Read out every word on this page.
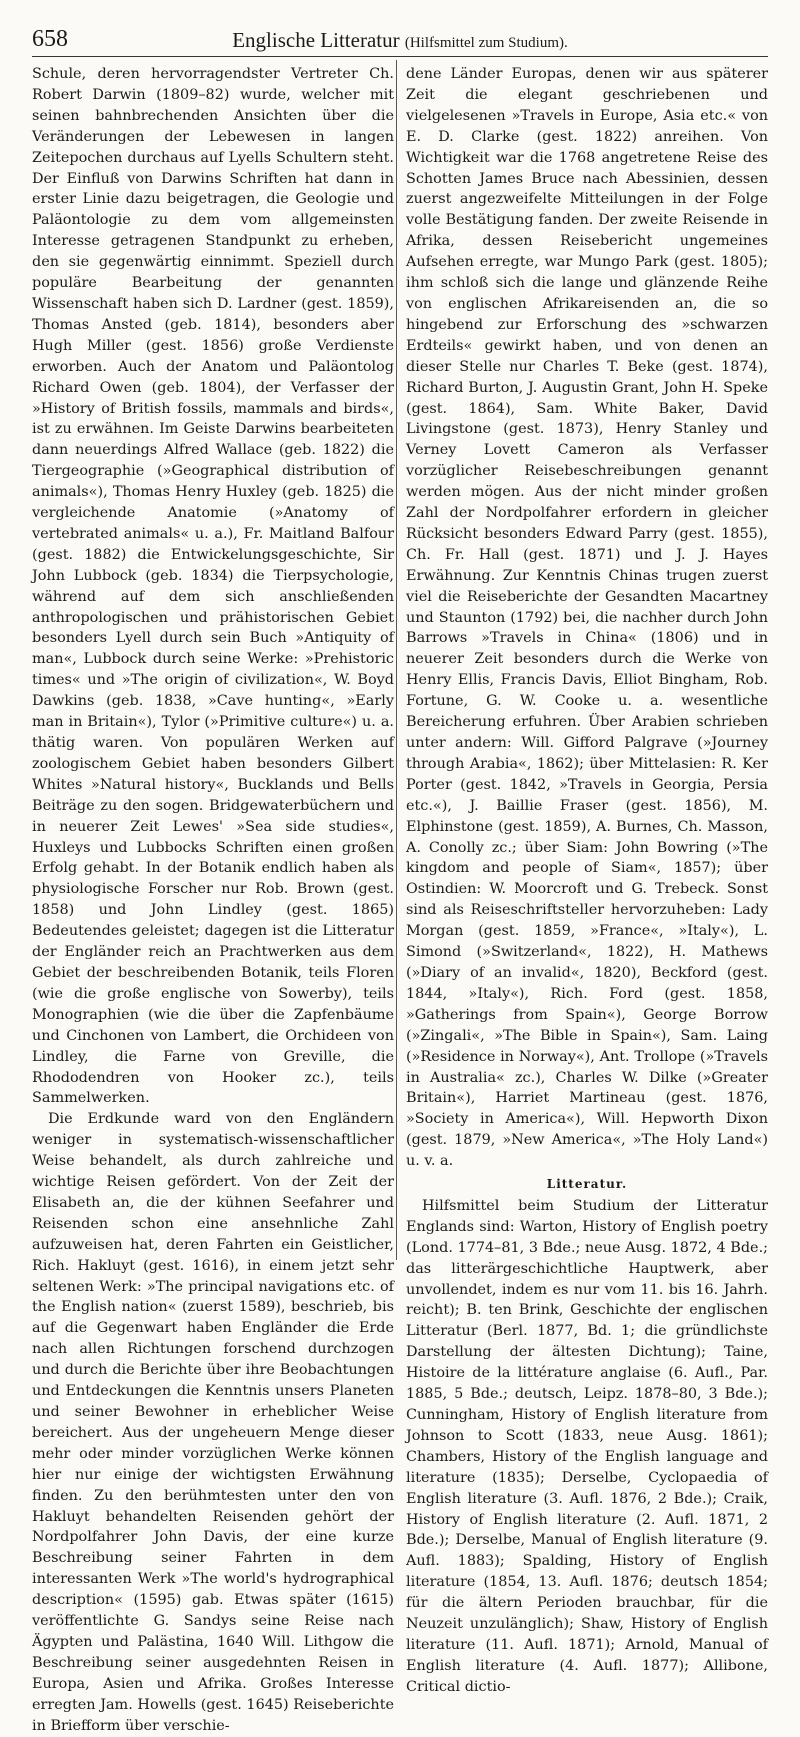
658	Englische Litteratur (Hilfsmittel zum Studium).

Schule, deren hervorragendster Vertreter Ch. Robert Darwin (1809–82) wurde, welcher mit seinen bahnbrechenden Ansichten über die Veränderungen der Lebewesen in langen Zeitepochen durchaus auf Lyells Schultern steht. Der Einfluß von Darwins Schriften hat dann in erster Linie dazu beigetragen, die Geologie und Paläontologie zu dem vom allgemeinsten Interesse getragenen Standpunkt zu erheben, den sie gegenwärtig einnimmt. Speziell durch populäre Bearbeitung der genannten Wissenschaft haben sich D. Lardner (gest. 1859), Thomas Ansted (geb. 1814), besonders aber Hugh Miller (gest. 1856) große Verdienste erworben. Auch der Anatom und Paläontolog Richard Owen (geb. 1804), der Verfasser der »History of British fossils, mammals and birds«, ist zu erwähnen. Im Geiste Darwins bearbeiteten dann neuerdings Alfred Wallace (geb. 1822) die Tiergeographie (»Geographical distribution of animals«), Thomas Henry Huxley (geb. 1825) die vergleichende Anatomie (»Anatomy of vertebrated animals« u. a.), Fr. Maitland Balfour (gest. 1882) die Entwickelungsgeschichte, Sir John Lubbock (geb. 1834) die Tierpsychologie, während auf dem sich anschließenden anthropologischen und prähistorischen Gebiet besonders Lyell durch sein Buch »Antiquity of man«, Lubbock durch seine Werke: »Prehistoric times« und »The origin of civilization«, W. Boyd Dawkins (geb. 1838, »Cave hunting«, »Early man in Britain«), Tylor (»Primitive culture«) u. a. thätig waren. Von populären Werken auf zoologischem Gebiet haben besonders Gilbert Whites »Natural history«, Bucklands und Bells Beiträge zu den sogen. Bridgewaterbüchern und in neuerer Zeit Lewes' »Sea side studies«, Huxleys und Lubbocks Schriften einen großen Erfolg gehabt. In der Botanik endlich haben als physiologische Forscher nur Rob. Brown (gest. 1858) und John Lindley (gest. 1865) Bedeutendes geleistet; dagegen ist die Litteratur der Engländer reich an Prachtwerken aus dem Gebiet der beschreibenden Botanik, teils Floren (wie die große englische von Sowerby), teils Monographien (wie die über die Zapfenbäume und Cinchonen von Lambert, die Orchideen von Lindley, die Farne von Greville, die Rhododendren von Hooker zc.), teils Sammelwerken.

Die Erdkunde ward von den Engländern weniger in systematisch-wissenschaftlicher Weise behandelt, als durch zahlreiche und wichtige Reisen gefördert. Von der Zeit der Elisabeth an, die der kühnen Seefahrer und Reisenden schon eine ansehnliche Zahl aufzuweisen hat, deren Fahrten ein Geistlicher, Rich. Hakluyt (gest. 1616), in einem jetzt sehr seltenen Werk: »The principal navigations etc. of the English nation« (zuerst 1589), beschrieb, bis auf die Gegenwart haben Engländer die Erde nach allen Richtungen forschend durchzogen und durch die Berichte über ihre Beobachtungen und Entdeckungen die Kenntnis unsers Planeten und seiner Bewohner in erheblicher Weise bereichert. Aus der ungeheuern Menge dieser mehr oder minder vorzüglichen Werke können hier nur einige der wichtigsten Erwähnung finden. Zu den berühmtesten unter den von Hakluyt behandelten Reisenden gehört der Nordpolfahrer John Davis, der eine kurze Beschreibung seiner Fahrten in dem interessanten Werk »The world's hydrographical description« (1595) gab. Etwas später (1615) veröffentlichte G. Sandys seine Reise nach Ägypten und Palästina, 1640 Will. Lithgow die Beschreibung seiner ausgedehnten Reisen in Europa, Asien und Afrika. Großes Interesse erregten Jam. Howells (gest. 1645) Reiseberichte in Briefform über verschie-

dene Länder Europas, denen wir aus späterer Zeit die elegant geschriebenen und vielgelesenen »Travels in Europe, Asia etc.« von E. D. Clarke (gest. 1822) anreihen. Von Wichtigkeit war die 1768 angetretene Reise des Schotten James Bruce nach Abessinien, dessen zuerst angezweifelte Mitteilungen in der Folge volle Bestätigung fanden. Der zweite Reisende in Afrika, dessen Reisebericht ungemeines Aufsehen erregte, war Mungo Park (gest. 1805); ihm schloß sich die lange und glänzende Reihe von englischen Afrikareisenden an, die so hingebend zur Erforschung des »schwarzen Erdteils« gewirkt haben, und von denen an dieser Stelle nur Charles T. Beke (gest. 1874), Richard Burton, J. Augustin Grant, John H. Speke (gest. 1864), Sam. White Baker, David Livingstone (gest. 1873), Henry Stanley und Verney Lovett Cameron als Verfasser vorzüglicher Reisebeschreibungen genannt werden mögen. Aus der nicht minder großen Zahl der Nordpolfahrer erfordern in gleicher Rücksicht besonders Edward Parry (gest. 1855), Ch. Fr. Hall (gest. 1871) und J. J. Hayes Erwähnung. Zur Kenntnis Chinas trugen zuerst viel die Reiseberichte der Gesandten Macartney und Staunton (1792) bei, die nachher durch John Barrows »Travels in China« (1806) und in neuerer Zeit besonders durch die Werke von Henry Ellis, Francis Davis, Elliot Bingham, Rob. Fortune, G. W. Cooke u. a. wesentliche Bereicherung erfuhren. Über Arabien schrieben unter andern: Will. Gifford Palgrave (»Journey through Arabia«, 1862); über Mittelasien: R. Ker Porter (gest. 1842, »Travels in Georgia, Persia etc.«), J. Baillie Fraser (gest. 1856), M. Elphinstone (gest. 1859), A. Burnes, Ch. Masson, A. Conolly zc.; über Siam: John Bowring (»The kingdom and people of Siam«, 1857); über Ostindien: W. Moorcroft und G. Trebeck. Sonst sind als Reiseschriftsteller hervorzuheben: Lady Morgan (gest. 1859, »France«, »Italy«), L. Simond (»Switzerland«, 1822), H. Mathews (»Diary of an invalid«, 1820), Beckford (gest. 1844, »Italy«), Rich. Ford (gest. 1858, »Gatherings from Spain«), George Borrow (»Zingali«, »The Bible in Spain«), Sam. Laing (»Residence in Norway«), Ant. Trollope (»Travels in Australia« zc.), Charles W. Dilke (»Greater Britain«), Harriet Martineau (gest. 1876, »Society in America«), Will. Hepworth Dixon (gest. 1879, »New America«, »The Holy Land«) u. v. a.

Litteratur.

Hilfsmittel beim Studium der Litteratur Englands sind: Warton, History of English poetry (Lond. 1774–81, 3 Bde.; neue Ausg. 1872, 4 Bde.; das litterärgeschichtliche Hauptwerk, aber unvollendet, indem es nur vom 11. bis 16. Jahrh. reicht); B. ten Brink, Geschichte der englischen Litteratur (Berl. 1877, Bd. 1; die gründlichste Darstellung der ältesten Dichtung); Taine, Histoire de la littérature anglaise (6. Aufl., Par. 1885, 5 Bde.; deutsch, Leipz. 1878–80, 3 Bde.); Cunningham, History of English literature from Johnson to Scott (1833, neue Ausg. 1861); Chambers, History of the English language and literature (1835); Derselbe, Cyclopaedia of English literature (3. Aufl. 1876, 2 Bde.); Craik, History of English literature (2. Aufl. 1871, 2 Bde.); Derselbe, Manual of English literature (9. Aufl. 1883); Spalding, History of English literature (1854, 13. Aufl. 1876; deutsch 1854; für die ältern Perioden brauchbar, für die Neuzeit unzulänglich); Shaw, History of English literature (11. Aufl. 1871); Arnold, Manual of English literature (4. Aufl. 1877); Allibone, Critical dictio-
